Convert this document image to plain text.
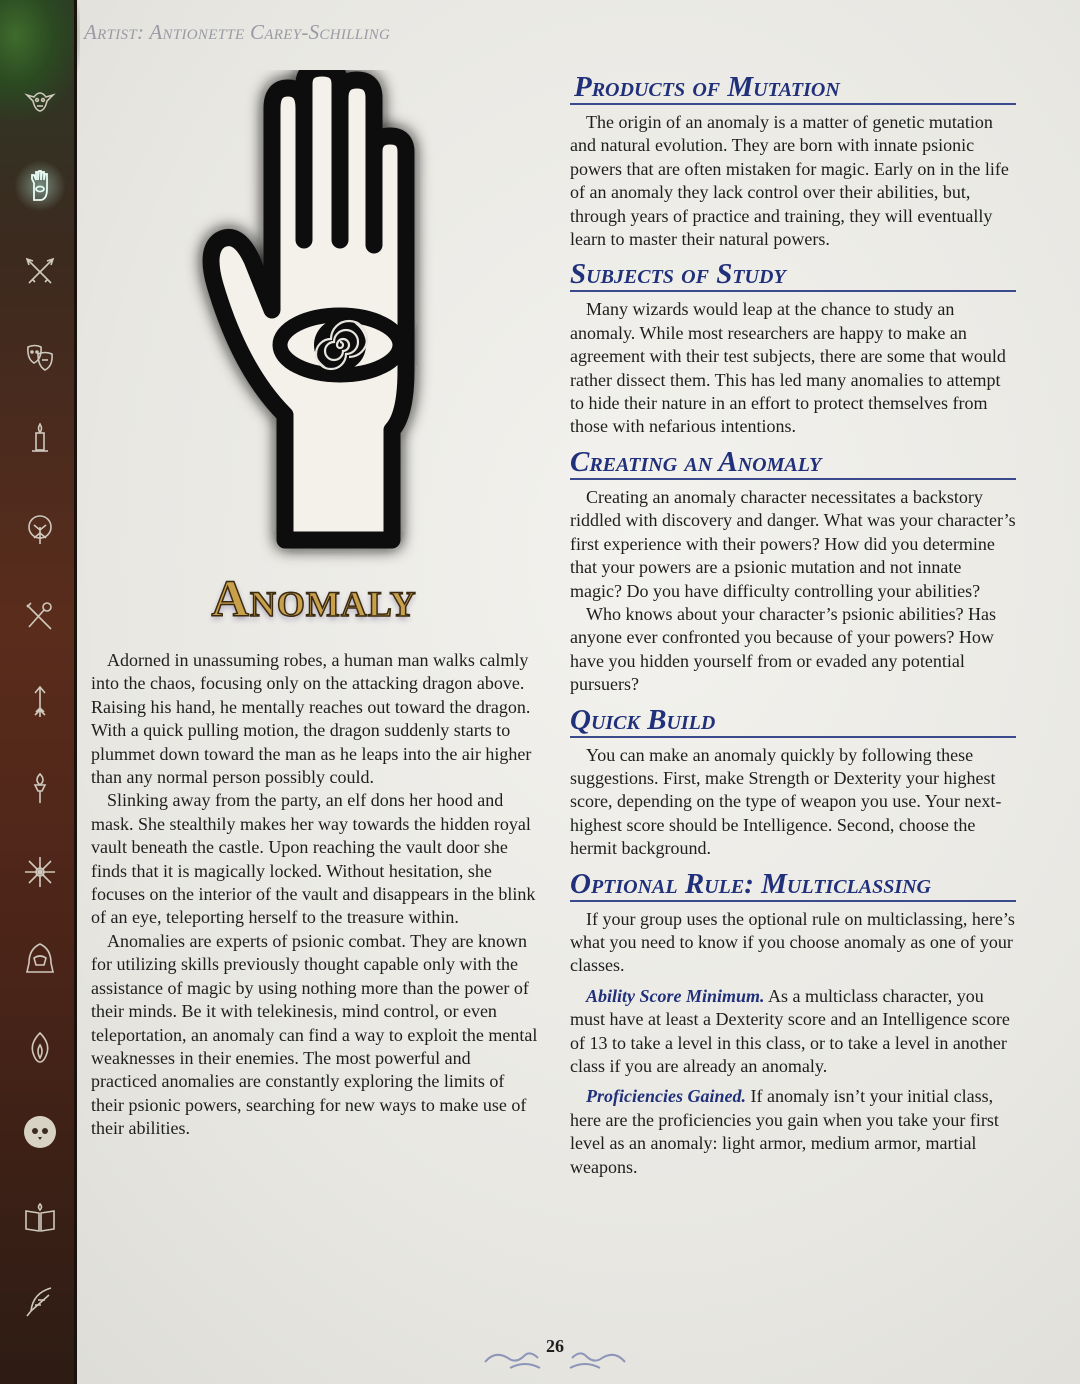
Artist: Antionette Carey-Schilling
Anomaly

Adorned in unassuming robes, a human man walks calmly into the chaos, focusing only on the attacking dragon above. Raising his hand, he mentally reaches out toward the dragon. With a quick pulling motion, the dragon suddenly starts to plummet down toward the man as he leaps into the air higher than any normal person possibly could.

Slinking away from the party, an elf dons her hood and mask. She stealthily makes her way towards the hidden royal vault beneath the castle. Upon reaching the vault door she finds that it is magically locked. Without hesitation, she focuses on the interior of the vault and disappears in the blink of an eye, teleporting herself to the treasure within.

Anomalies are experts of psionic combat. They are known for utilizing skills previously thought capable only with the assistance of magic by using nothing more than the power of their minds. Be it with telekinesis, mind control, or even teleportation, an anomaly can find a way to exploit the mental weaknesses in their enemies. The most powerful and practiced anomalies are constantly exploring the limits of their psionic powers, searching for new ways to make use of their abilities.

Products of Mutation

The origin of an anomaly is a matter of genetic mutation and natural evolution. They are born with innate psionic powers that are often mistaken for magic. Early on in the life of an anomaly they lack control over their abilities, but, through years of practice and training, they will eventually learn to master their natural powers.

Subjects of Study

Many wizards would leap at the chance to study an anomaly. While most researchers are happy to make an agreement with their test subjects, there are some that would rather dissect them. This has led many anomalies to attempt to hide their nature in an effort to protect themselves from those with nefarious intentions.

Creating an Anomaly

Creating an anomaly character necessitates a backstory riddled with discovery and danger. What was your character’s first experience with their powers? How did you determine that your powers are a psionic mutation and not innate magic? Do you have difficulty controlling your abilities?

Who knows about your character’s psionic abilities? Has anyone ever confronted you because of your powers? How have you hidden yourself from or evaded any potential pursuers?

Quick Build

You can make an anomaly quickly by following these suggestions. First, make Strength or Dexterity your highest score, depending on the type of weapon you use. Your next-highest score should be Intelligence. Second, choose the hermit background.

Optional Rule: Multiclassing

If your group uses the optional rule on multiclassing, here’s what you need to know if you choose anomaly as one of your classes.

Ability Score Minimum. As a multiclass character, you must have at least a Dexterity score and an Intelligence score of 13 to take a level in this class, or to take a level in another class if you are already an anomaly.

Proficiencies Gained. If anomaly isn’t your initial class, here are the proficiencies you gain when you take your first level as an anomaly: light armor, medium armor, martial weapons.

26
